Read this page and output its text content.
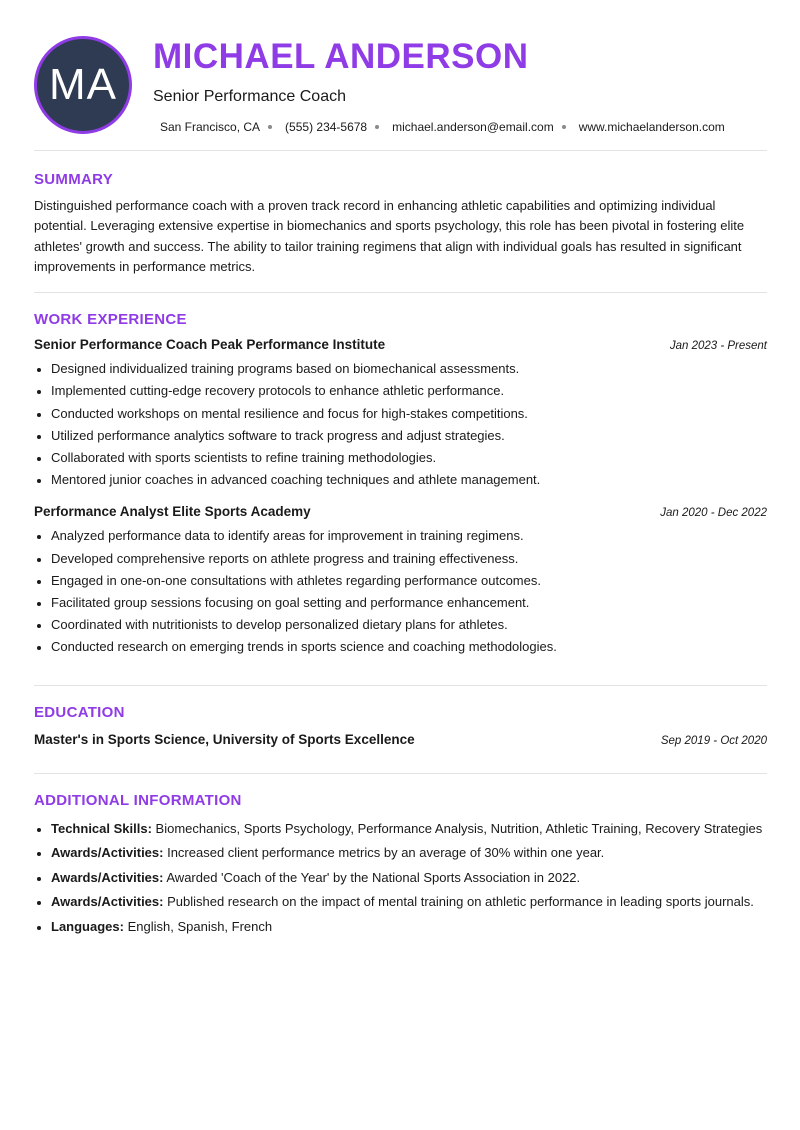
MA
MICHAEL ANDERSON
Senior Performance Coach
San Francisco, CA (555) 234-5678 michael.anderson@email.com www.michaelanderson.com
SUMMARY

Distinguished performance coach with a proven track record in enhancing athletic capabilities and optimizing individual potential. Leveraging extensive expertise in biomechanics and sports psychology, this role has been pivotal in fostering elite athletes' growth and success. The ability to tailor training regimens that align with individual goals has resulted in significant improvements in performance metrics.

WORK EXPERIENCE
Senior Performance Coach Peak Performance Institute	Jan 2023 - Present
• Designed individualized training programs based on biomechanical assessments.
• Implemented cutting-edge recovery protocols to enhance athletic performance.
• Conducted workshops on mental resilience and focus for high-stakes competitions.
• Utilized performance analytics software to track progress and adjust strategies.
• Collaborated with sports scientists to refine training methodologies.
• Mentored junior coaches in advanced coaching techniques and athlete management.
Performance Analyst Elite Sports Academy	Jan 2020 - Dec 2022
• Analyzed performance data to identify areas for improvement in training regimens.
• Developed comprehensive reports on athlete progress and training effectiveness.
• Engaged in one-on-one consultations with athletes regarding performance outcomes.
• Facilitated group sessions focusing on goal setting and performance enhancement.
• Coordinated with nutritionists to develop personalized dietary plans for athletes.
• Conducted research on emerging trends in sports science and coaching methodologies.
EDUCATION
Master's in Sports Science, University of Sports Excellence	Sep 2019 - Oct 2020
ADDITIONAL INFORMATION
• Technical Skills: Biomechanics, Sports Psychology, Performance Analysis, Nutrition, Athletic Training, Recovery Strategies
• Awards/Activities: Increased client performance metrics by an average of 30% within one year.
• Awards/Activities: Awarded 'Coach of the Year' by the National Sports Association in 2022.
• Awards/Activities: Published research on the impact of mental training on athletic performance in leading sports journals.
• Languages: English, Spanish, French
